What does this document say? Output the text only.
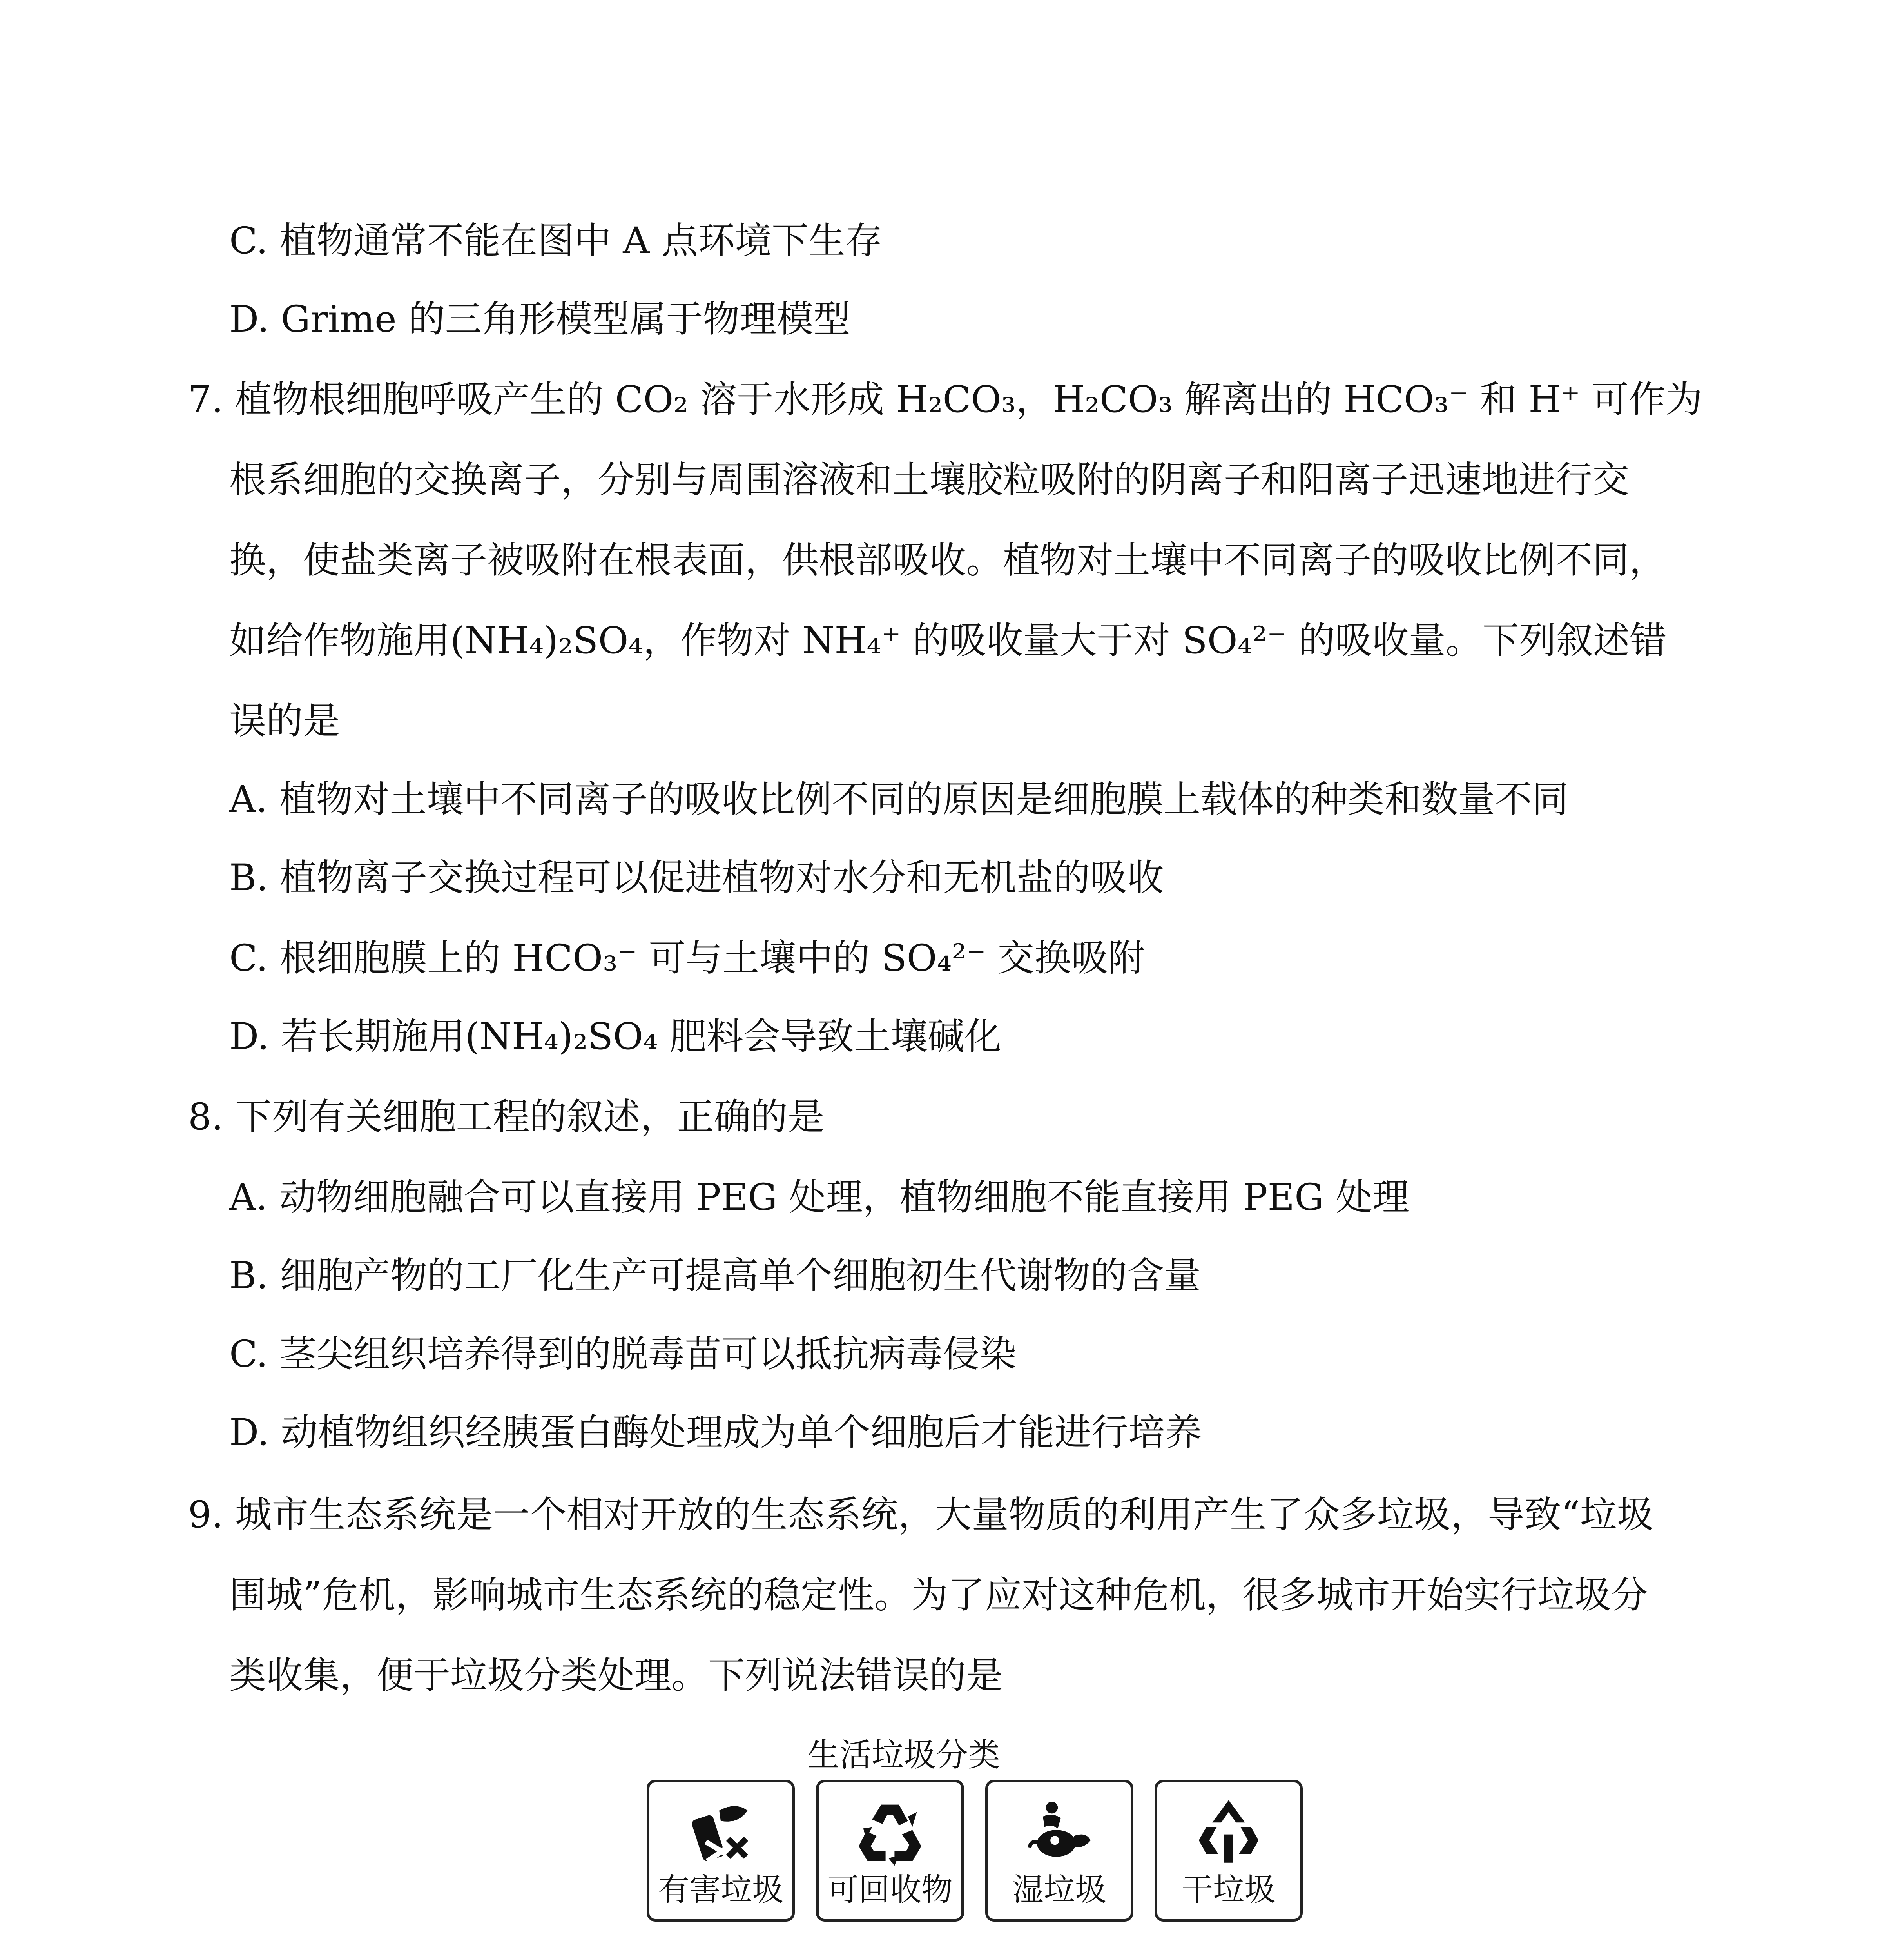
C. 植物通常不能在图中 A 点环境下生存
D. Grime 的三角形模型属于物理模型
7. 植物根细胞呼吸产生的 CO₂ 溶于水形成 H₂CO₃，H₂CO₃ 解离出的 HCO₃⁻ 和 H⁺ 可作为
根系细胞的交换离子，分别与周围溶液和土壤胶粒吸附的阴离子和阳离子迅速地进行交
换，使盐类离子被吸附在根表面，供根部吸收。植物对土壤中不同离子的吸收比例不同，
如给作物施用(NH₄)₂SO₄，作物对 NH₄⁺ 的吸收量大于对 SO₄²⁻ 的吸收量。下列叙述错
误的是
A. 植物对土壤中不同离子的吸收比例不同的原因是细胞膜上载体的种类和数量不同
B. 植物离子交换过程可以促进植物对水分和无机盐的吸收
C. 根细胞膜上的 HCO₃⁻ 可与土壤中的 SO₄²⁻ 交换吸附
D. 若长期施用(NH₄)₂SO₄ 肥料会导致土壤碱化
8. 下列有关细胞工程的叙述，正确的是
A. 动物细胞融合可以直接用 PEG 处理，植物细胞不能直接用 PEG 处理
B. 细胞产物的工厂化生产可提高单个细胞初生代谢物的含量
C. 茎尖组织培养得到的脱毒苗可以抵抗病毒侵染
D. 动植物组织经胰蛋白酶处理成为单个细胞后才能进行培养
9. 城市生态系统是一个相对开放的生态系统，大量物质的利用产生了众多垃圾，导致“垃圾
围城”危机，影响城市生态系统的稳定性。为了应对这种危机，很多城市开始实行垃圾分
类收集，便于垃圾分类处理。下列说法错误的是
生活垃圾分类
有害垃圾 可回收物	湿垃圾	干垃圾
